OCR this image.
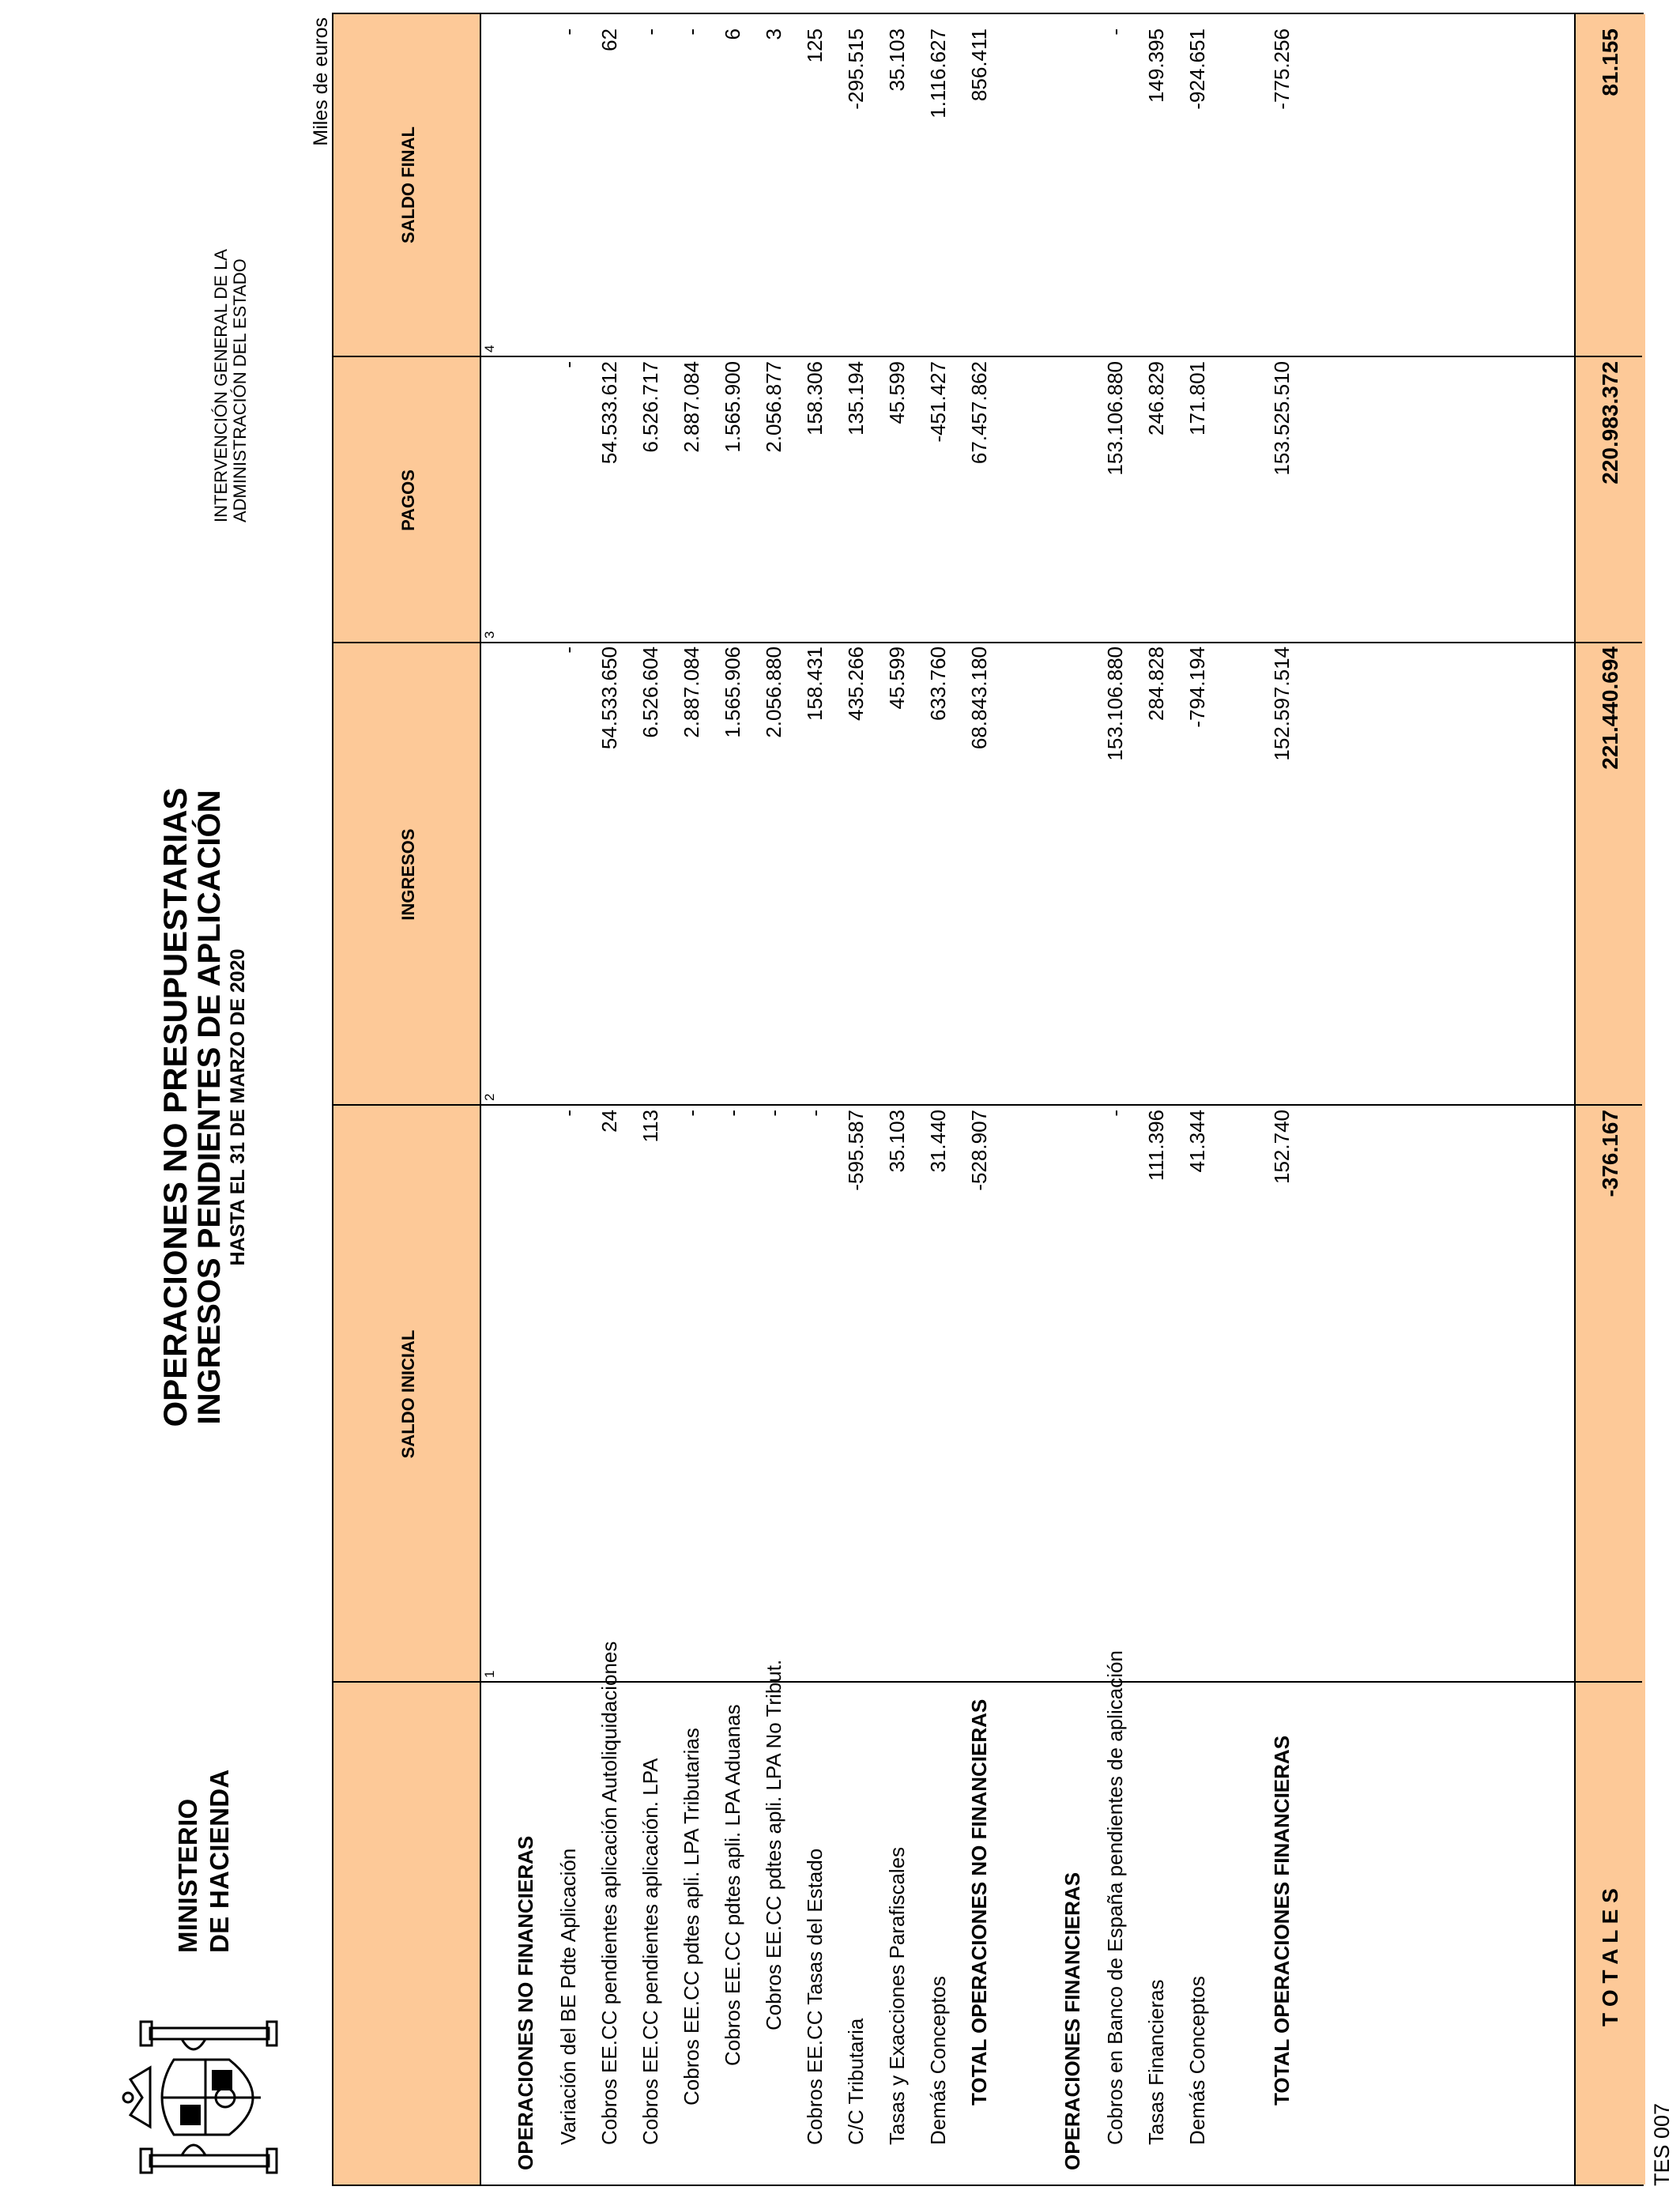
MINISTERIO DE HACIENDA
OPERACIONES NO PRESUPUESTARIAS
INGRESOS PENDIENTES DE APLICACIÓN HASTA EL 31 DE MARZO DE 2020
INTERVENCIÓN GENERAL DE LA ADMINISTRACIÓN DEL ESTADO
Miles de euros
1
2
3
4
SALDO INICIAL
INGRESOS
PAGOS
SALDO FINAL
OPERACIONES NO FINANCIERAS Variación del BE Pdte Aplicación
-
-
-
-
Cobros EE.CC pendientes aplicación Autoliquidaciones
24
54.533.650
54.533.612
62
Cobros EE.CC pendientes aplicación. LPA
113
6.526.604
6.526.717
-
Cobros EE.CC pdtes apli. LPA Tributarias
-
2.887.084
2.887.084
-
Cobros EE.CC pdtes apli. LPA Aduanas
-
1.565.906
1.565.900
6
Cobros EE.CC pdtes apli. LPA No Tribut.
-
2.056.880
2.056.877
3
Cobros EE.CC Tasas del Estado
-
158.431
158.306
125
C/C Tributaria
-595.587
435.266
135.194
-295.515
Tasas y Exacciones Parafiscales
35.103
45.599
45.599
35.103
Demás Conceptos
31.440
633.760
-451.427
1.116.627
TOTAL OPERACIONES NO FINANCIERAS
-528.907
68.843.180
67.457.862
856.411
OPERACIONES FINANCIERAS Cobros en Banco de España pendientes de aplicación
-
153.106.880
153.106.880
-
Tasas Financieras
111.396
284.828
246.829
149.395
Demás Conceptos
41.344
-794.194
171.801
-924.651
TOTAL OPERACIONES FINANCIERAS
152.740
152.597.514
153.525.510
-775.256
T O T A L E S
-376.167
221.440.694
220.983.372
81.155
TES 007
